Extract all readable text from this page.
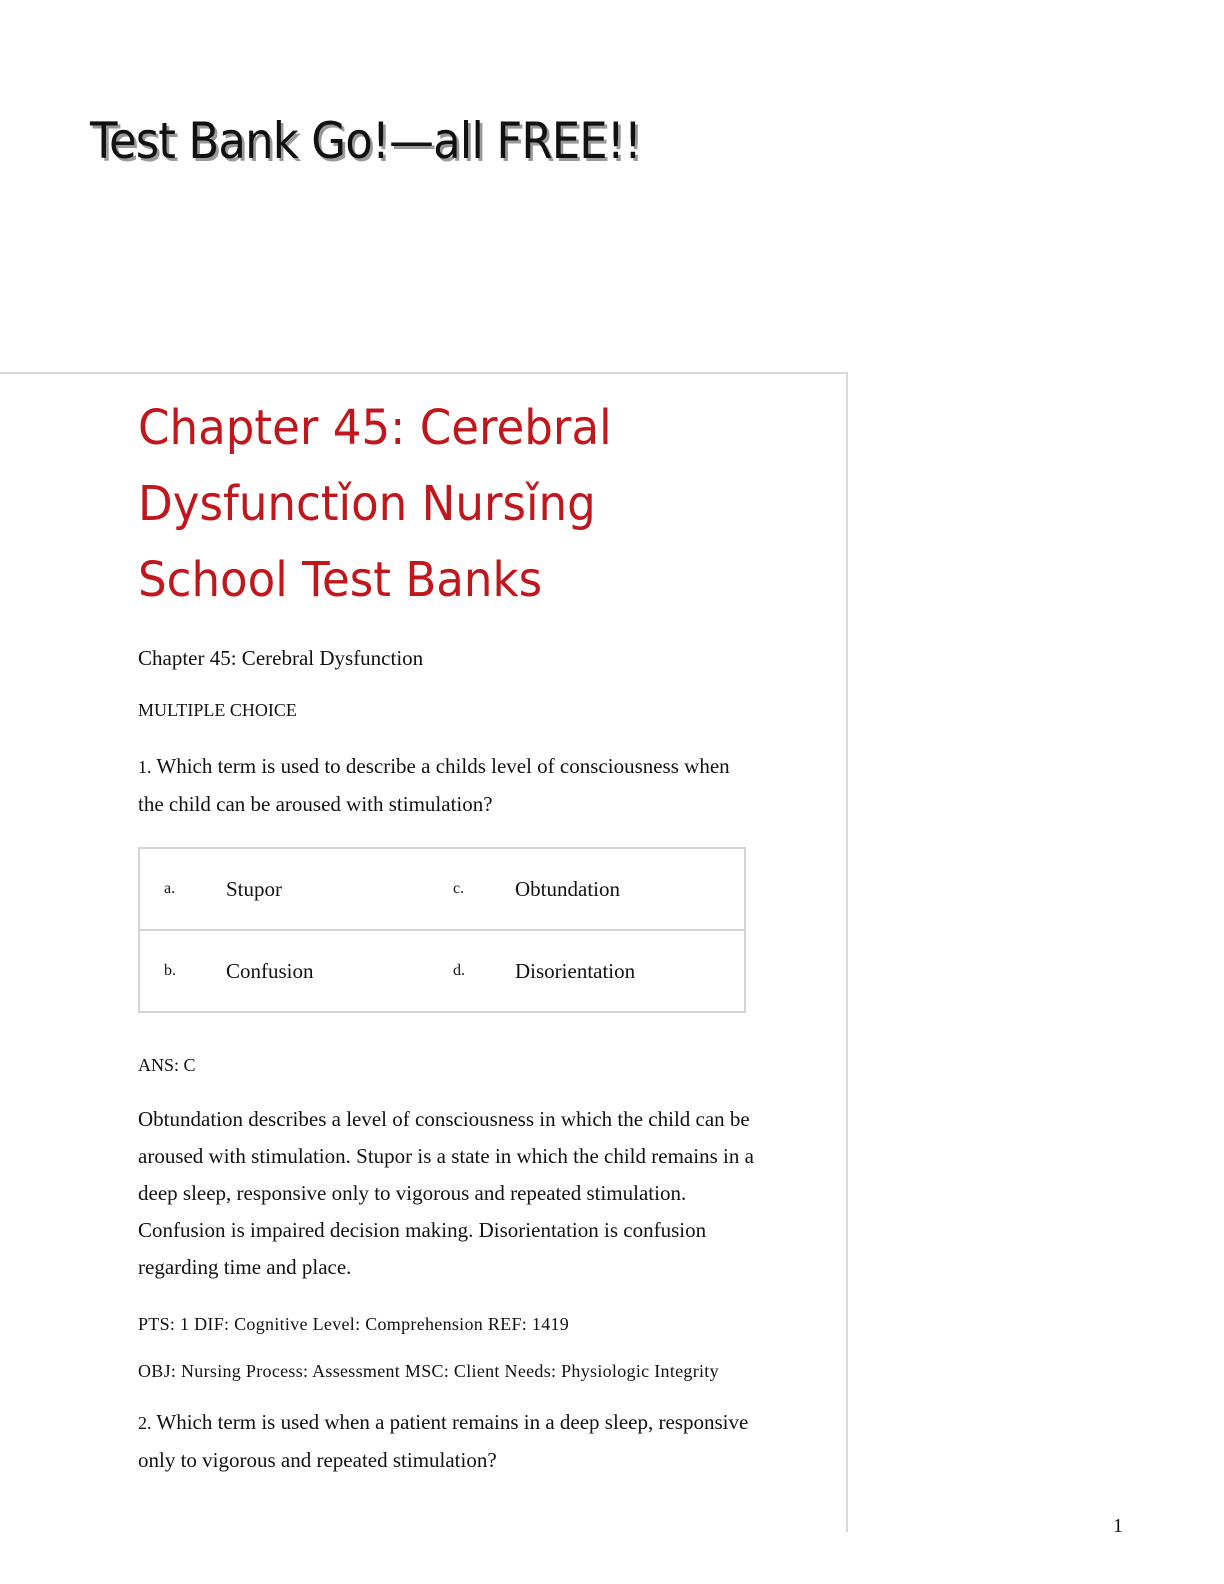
Test Bank Go!—all FREE!!
Chapter 45: Cerebral Dysfunctǐon Nursǐng School Test Banks

Chapter 45: Cerebral Dysfunction

MULTIPLE CHOICE

1. Which term is used to describe a childs level of consciousness when the child can be aroused with stimulation?

a.	Stupor	c.	Obtundation
b.	Confusion	d.	Disorientation

ANS: C

Obtundation describes a level of consciousness in which the child can be aroused with stimulation. Stupor is a state in which the child remains in a deep sleep, responsive only to vigorous and repeated stimulation. Confusion is impaired decision making. Disorientation is confusion regarding time and place.

PTS: 1 DIF: Cognitive Level: Comprehension REF: 1419

OBJ: Nursing Process: Assessment MSC: Client Needs: Physiologic Integrity

2. Which term is used when a patient remains in a deep sleep, responsive only to vigorous and repeated stimulation?

1
